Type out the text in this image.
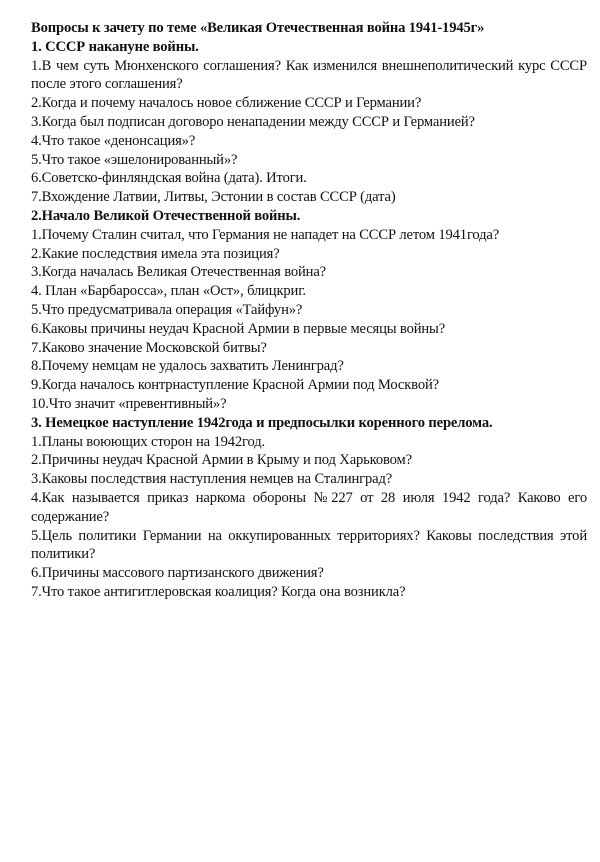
Вопросы к зачету по теме «Великая Отечественная война 1941-1945г»
1. СССР накануне войны.
1.В чем суть Мюнхенского соглашения? Как изменился внешнеполитический курс СССР после этого соглашения?
2.Когда и почему началось новое сближение СССР и Германии?
3.Когда был подписан договоро ненападении между СССР и Германией?
4.Что такое «денонсация»?
5.Что такое «эшелонированный»?
6.Советско-финляндская война (дата). Итоги.
7.Вхождение Латвии, Литвы, Эстонии в состав СССР (дата)
2.Начало Великой Отечественной войны.
1.Почему Сталин считал, что Германия не нападет на СССР летом 1941года?
2.Какие последствия имела эта позиция?
3.Когда началась Великая Отечественная война?
4. План «Барбаросса», план «Ост», блицкриг.
5.Что предусматривала операция «Тайфун»?
6.Каковы причины неудач Красной Армии в первые месяцы войны?
7.Каково значение Московской битвы?
8.Почему немцам не удалось захватить Ленинград?
9.Когда началось контрнаступление Красной Армии под Москвой?
10.Что значит «превентивный»?
3. Немецкое наступление 1942года и предпосылки коренного перелома.
1.Планы воюющих сторон на 1942год.
2.Причины неудач Красной Армии в Крыму и под Харьковом?
3.Каковы последствия наступления немцев на Сталинград?
4.Как называется приказ наркома обороны №227 от 28 июля 1942 года? Каково его содержание?
5.Цель политики Германии на оккупированных территориях? Каковы последствия этой политики?
6.Причины массового партизанского движения?
7.Что такое антигитлеровская коалиция? Когда она возникла?
